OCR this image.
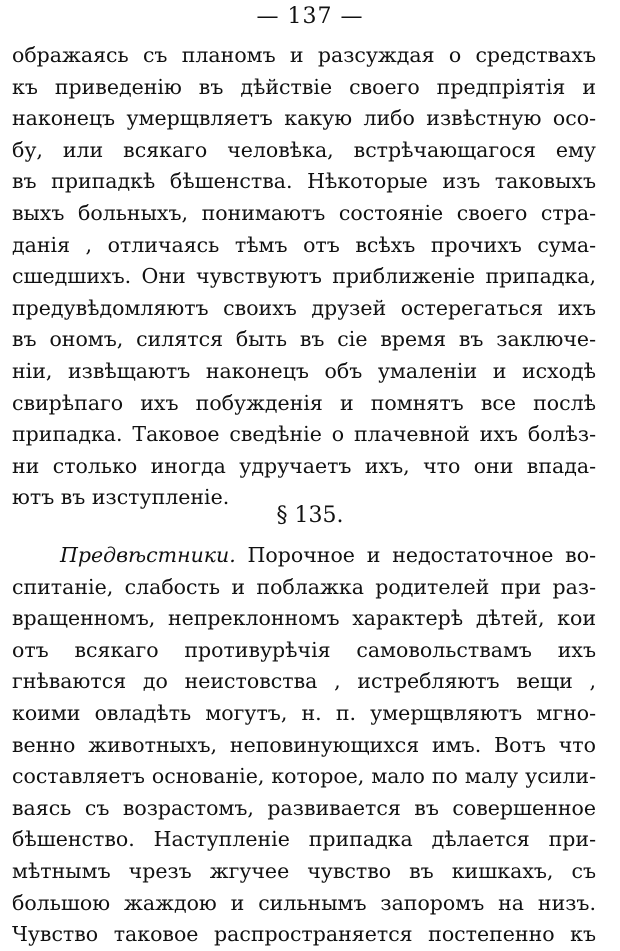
— 137 —
ображаясь съ планомъ и разсуждая о средствахъ
къ приведенію въ дѣйствіе своего предпріятія и
наконецъ умерщвляетъ какую либо извѣстную осо-
бу, или всякаго человѣка, встрѣчающагося ему
въ припадкѣ бѣшенства. Нѣкоторые изъ таковыхъ
выхъ больныхъ, понимаютъ состояніе своего стра-
данія , отличаясь тѣмъ отъ всѣхъ прочихъ сума-
сшедшихъ. Они чувствуютъ приближеніе припадка,
предувѣдомляютъ своихъ друзей остерегаться ихъ
въ ономъ, силятся быть въ сіе время въ заключе-
ніи, извѣщаютъ наконецъ объ умаленіи и исходѣ
свирѣпаго ихъ побужденія и помнятъ все послѣ
припадка. Таковое сведѣніе о плачевной ихъ болѣз-
ни столько иногда удручаетъ ихъ, что они впада-
ютъ въ изступленіе.
§ 135.
Предвѣстники. Порочное и недостаточное во-
спитаніе, слабость и поблажка родителей при раз-
вращенномъ, непреклонномъ характерѣ дѣтей, кои
отъ всякаго противурѣчія самовольствамъ ихъ
гнѣваются до неистовства , истребляютъ вещи ,
коими овладѣть могутъ, н. п. умерщвляютъ мгно-
венно животныхъ, неповинующихся имъ. Вотъ что
составляетъ основаніе, которое, мало по малу усили-
ваясь съ возрастомъ, развивается въ совершенное
бѣшенство. Наступленіе припадка дѣлается при-
мѣтнымъ чрезъ жгучее чувство въ кишкахъ, съ
большою жаждою и сильнымъ запоромъ на низъ.
Чувство таковое распространяется постепенно къ
